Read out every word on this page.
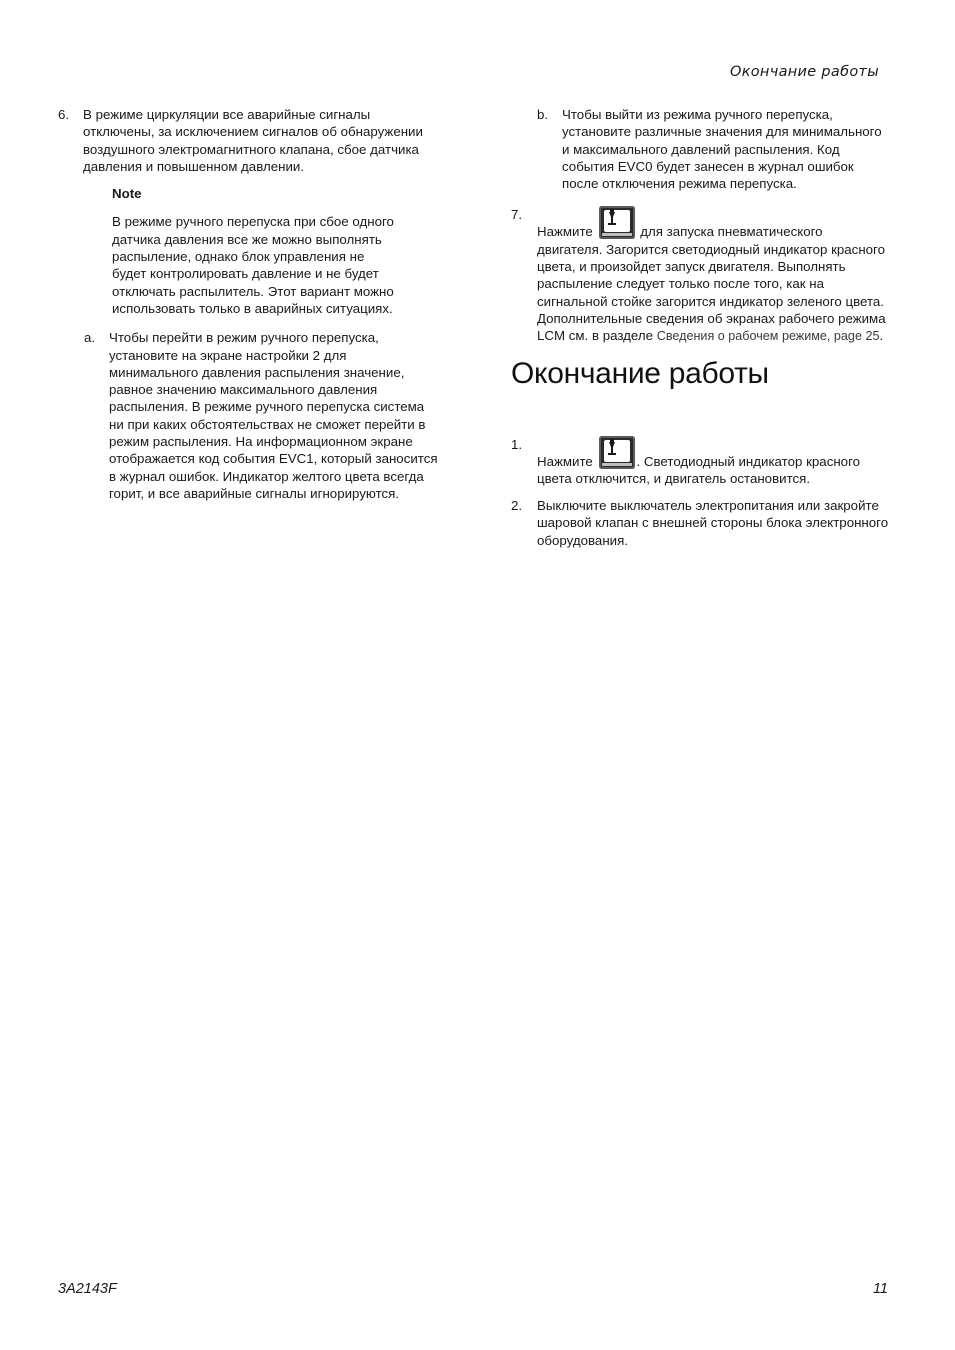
Окончание работы
6. В режиме циркуляции все аварийные сигналы отключены, за исключением сигналов об обнаружении воздушного электромагнитного клапана, сбое датчика давления и повышенном давлении.
Note
В режиме ручного перепуска при сбое одного датчика давления все же можно выполнять распыление, однако блок управления не будет контролировать давление и не будет отключать распылитель. Этот вариант можно использовать только в аварийных ситуациях.
a. Чтобы перейти в режим ручного перепуска, установите на экране настройки 2 для минимального давления распыления значение, равное значению максимального давления распыления. В режиме ручного перепуска система ни при каких обстоятельствах не сможет перейти в режим распыления. На информационном экране отображается код события EVC1, который заносится в журнал ошибок. Индикатор желтого цвета всегда горит, и все аварийные сигналы игнорируются.
b. Чтобы выйти из режима ручного перепуска, установите различные значения для минимального и максимального давлений распыления. Код события EVC0 будет занесен в журнал ошибок после отключения режима перепуска.
7.
Нажмите	для запуска пневматического двигателя. Загорится светодиодный индикатор красного цвета, и произойдет запуск двигателя. Выполнять распыление следует только после того, как на сигнальной стойке загорится индикатор зеленого цвета. Дополнительные сведения об экранах рабочего режима LCM см. в разделе Сведения о рабочем режиме, page 25.
Окончание работы
1.
Нажмите	. Светодиодный индикатор красного цвета отключится, и двигатель остановится.
2. Выключите выключатель электропитания или закройте шаровой клапан с внешней стороны блока электронного оборудования.
3A2143F	11
